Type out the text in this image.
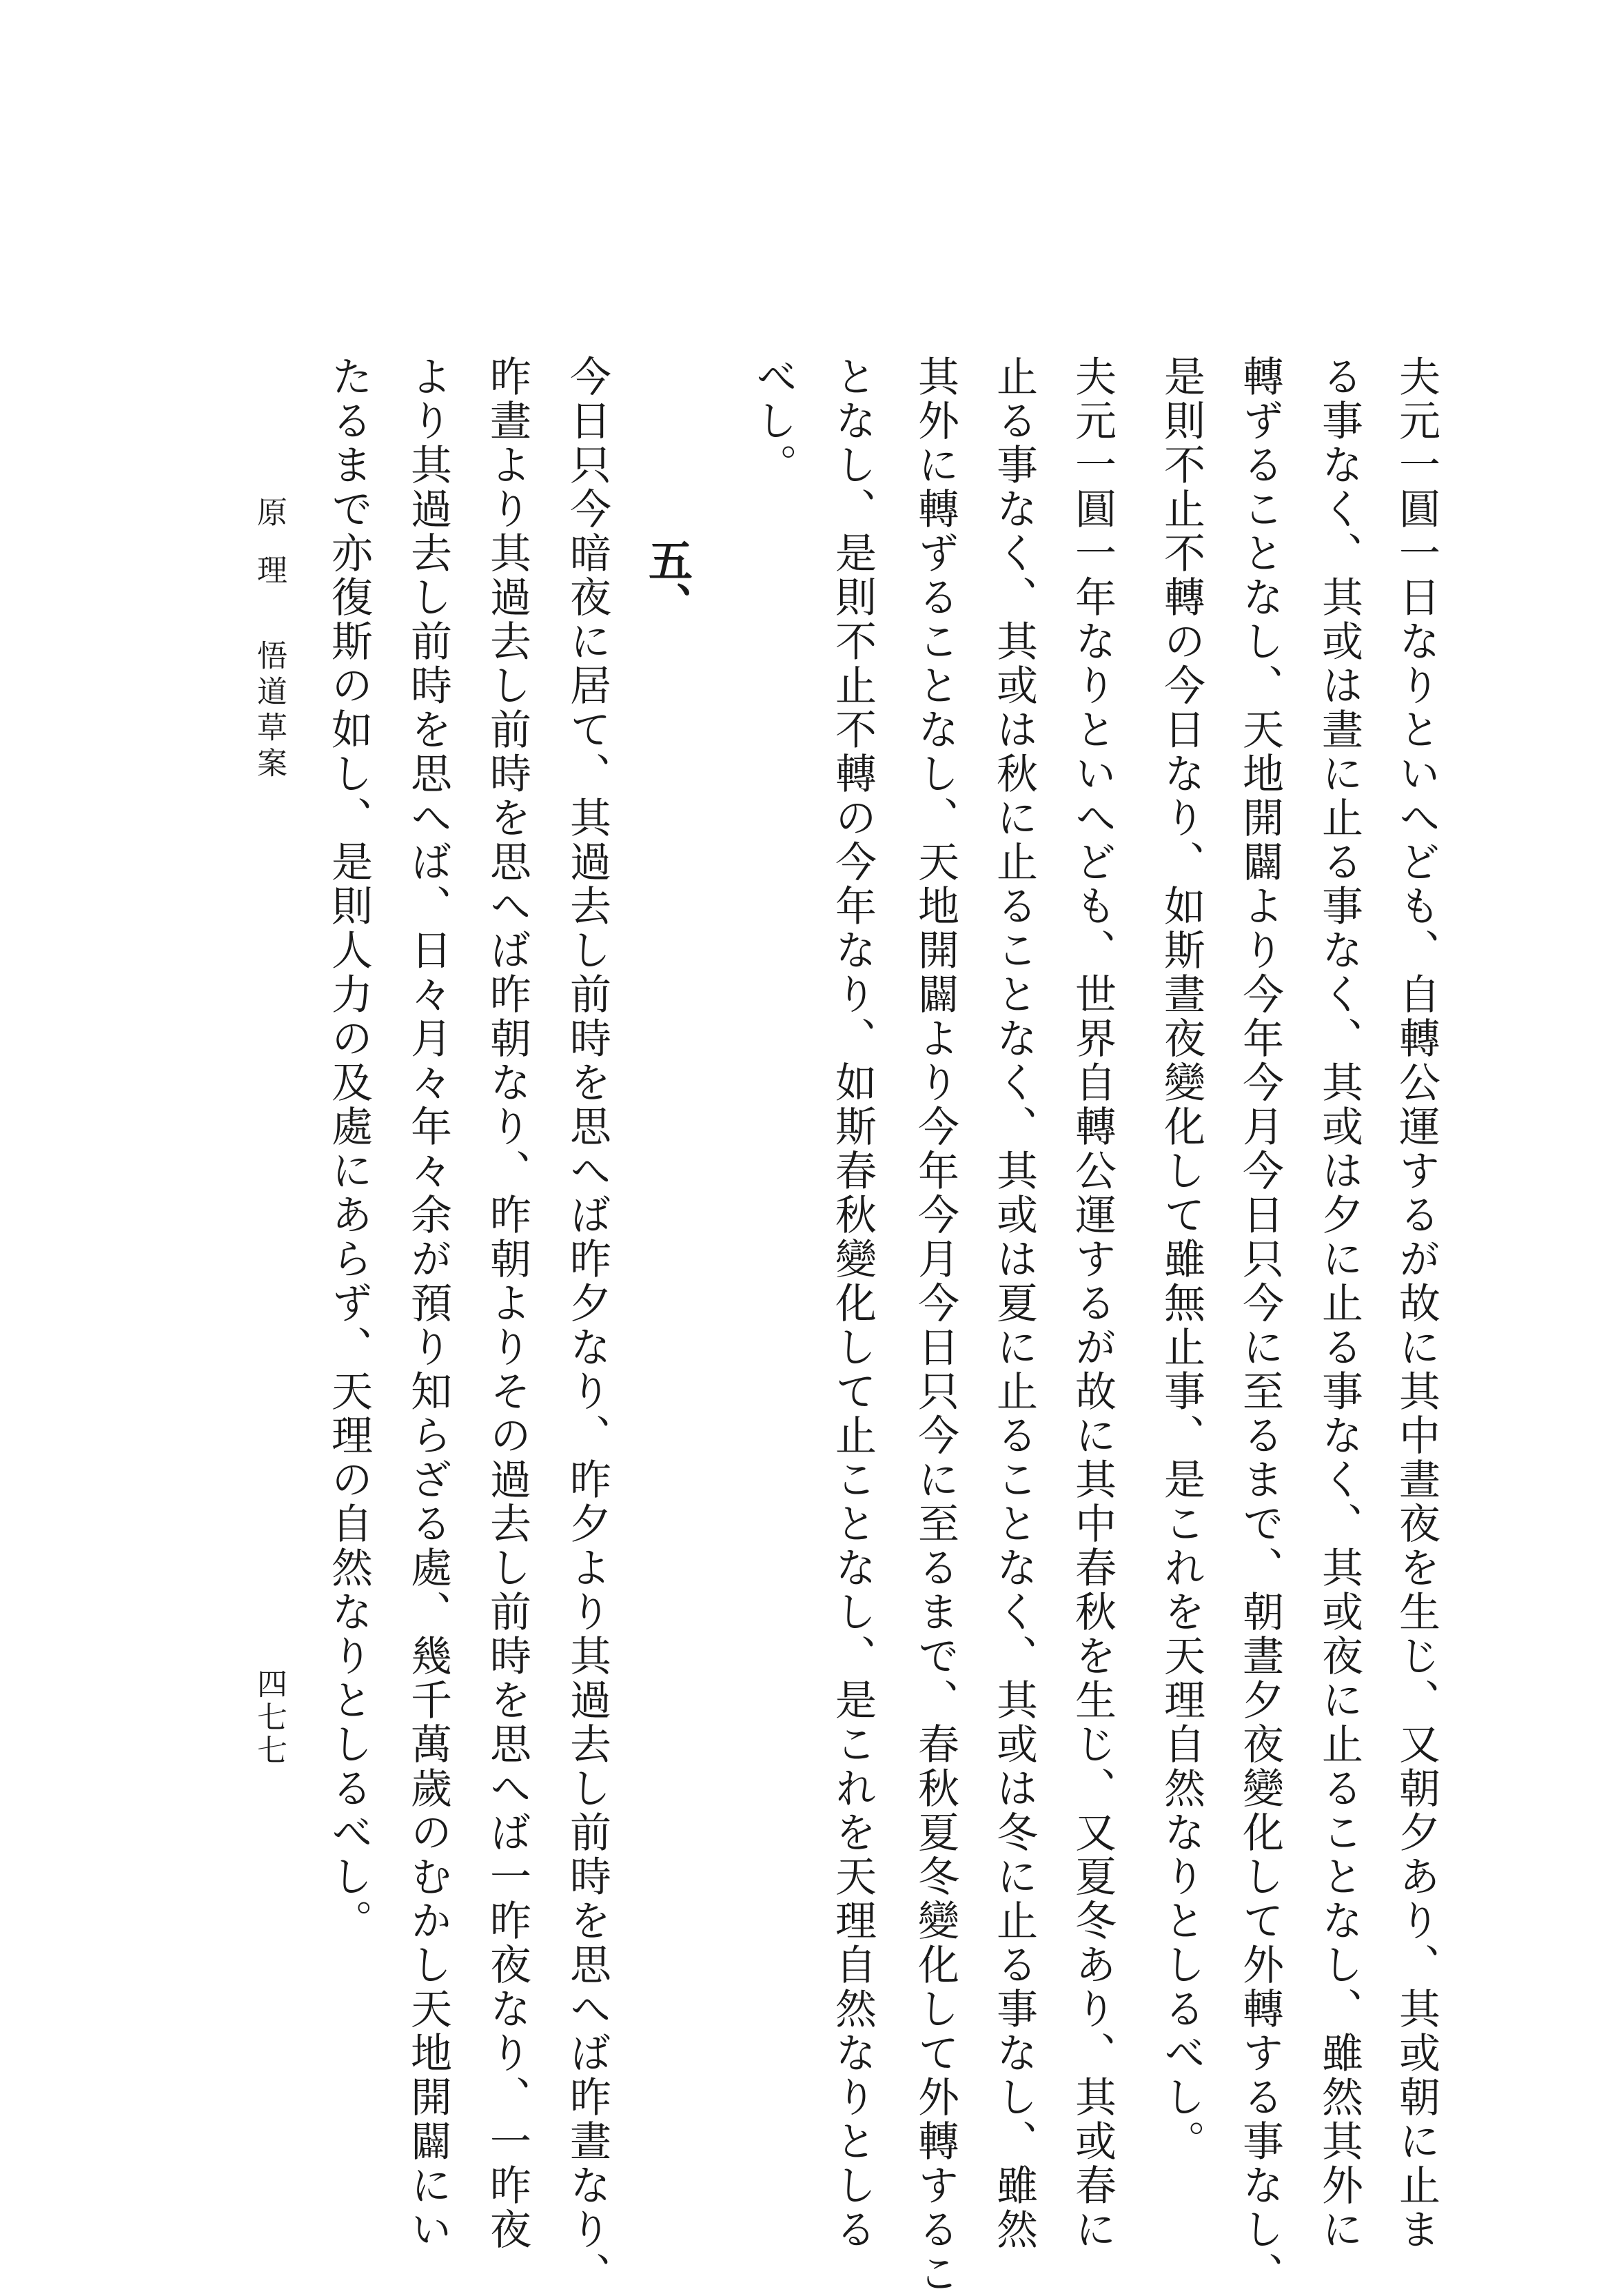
夫元一圓一日なりといへども、自轉公運するが故に其中晝夜を生じ、又朝夕あり、其或朝に止ま
る事なく、其或は晝に止る事なく、其或は夕に止る事なく、其或夜に止ることなし、雖然其外に
轉ずることなし、天地開闢より今年今月今日只今に至るまで、朝晝夕夜變化して外轉する事なし、
是則不止不轉の今日なり、如斯晝夜變化して雖無止事、是これを天理自然なりとしるべし。
夫元一圓一年なりといへども、世界自轉公運するが故に其中春秋を生じ、又夏冬あり、其或春に
止る事なく、其或は秋に止ることなく、其或は夏に止ることなく、其或は冬に止る事なし、雖然
其外に轉ずることなし、天地開闢より今年今月今日只今に至るまで、春秋夏冬變化して外轉するこ
となし、是則不止不轉の今年なり、如斯春秋變化して止ことなし、是これを天理自然なりとしる
べし。
五、
今日只今暗夜に居て、其過去し前時を思へば昨夕なり、昨夕より其過去し前時を思へば昨晝なり、
昨晝より其過去し前時を思へば昨朝なり、昨朝よりその過去し前時を思へば一昨夜なり、一昨夜
より其過去し前時を思へば、日々月々年々余が預り知らざる處、幾千萬歲のむかし天地開闢にい
たるまで亦復斯の如し、是則人力の及處にあらず、天理の自然なりとしるべし。
原理悟道草案
四七七
